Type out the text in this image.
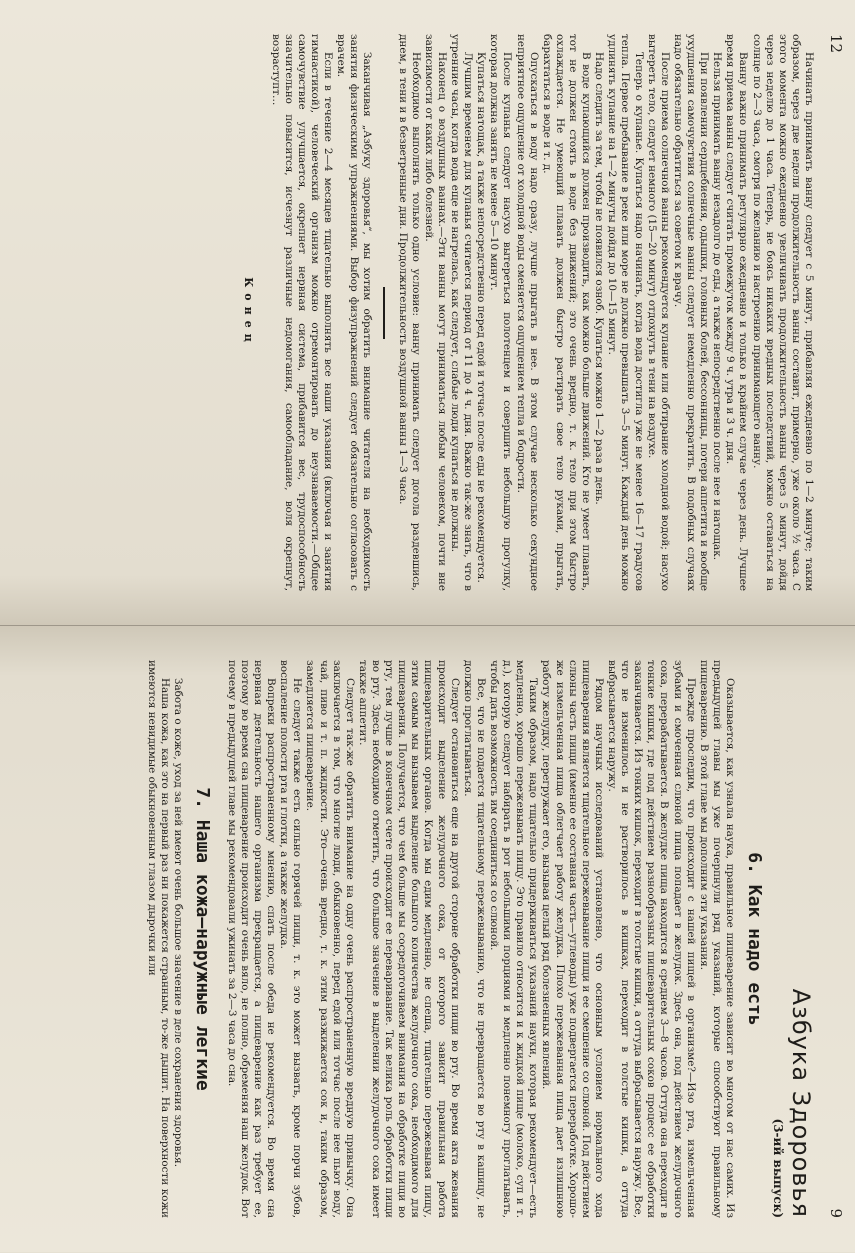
12

Начинать принимать ванну следует с 5 минут, прибавляя ежедневно по 1—2 минуте; таким образом, через две недели продолжительность ванны составит, примерно, уже около ½ часа. С этого момента можно ежедневно увеличивать продолжительность ванны через 5 минут, дойдя через неделю до 1 часа. Теперь, не боясь никаких вредных последствий, можно оставаться на солнце по 2—3 часа, смотря по желанию и настроению принимающего ванну.

Ванну важно принимать регулярно ежедневно и только в крайнем случае через день. Лучшее время приема ванны следует считать промежуток между 9 ч. утра и 3 ч. дня.

Нельзя принимать ванну незадолго до еды, а также непосредственно после нее и натощак.

При появлении сердцебиения, одышки, головных болей, бессонницы, потери аппетита и вообще ухудшения самочувствия солнечные ванны следует немедленно прекратить. В подобных случаях надо обязательно обратиться за советом к врачу.

После приема солнечной ванны рекомендуется купание или обтирание холодной водой; насухо вытереть тело, следует немного (15—20 минут) отдохнуть в тени на воздухе.

Теперь о купанье. Купаться надо начинать, когда вода достигла уже не менее 16—17 градусов тепла. Первое пребывание в реке или море не должно превышать 3—5 минут. Каждый день можно удлинять купание на 1—2 минуты дойдя до 10—15 минут.

Надо следить за тем, чтобы не появился озноб. Купаться можно 1—2 раза в день.

В воде купающийся должен производить, как можно больше движений. Кто не умеет плавать, тот не должен стоять в воде без движений; это очень вредно, т. к. тело при этом быстро охлаждается. Не умеющий плавать должен быстро растирать свое тело руками, прыгать, барахтаться в воде и т. д.

Опускаться в воду надо сразу, лучше прыгать в нее. В этом случае несколько секундное неприятное ощущение от холодной воды сменяется ощущением тепла и бодрости.

После купанья следует насухо вытереться полотенцем и совершить небольшую прогулку, которая должна занять не менее 5—10 минут.

Купаться натощак, а также непосредственно перед едой и тотчас после еды не рекомендуется.

Лучшим временем для купанья считается период от 11 до 4 ч. дня. Важно так-же знать, что в утренние часы, когда вода еще не нагрелась, как следует, слабые люди купаться не должны.

Наконец о воздушных ваннах.—Эти ванны могут приниматься любым человеком, почти вне зависимости от каких либо болезней.

Необходимо выполнять только одно условие: ванну принимать следует догола раздевшись, днем, в тени и в безветренные дни. Продолжительность воздушной ванны 1—3 часа.

Заканчивая „Азбуку здоровья“, мы хотим обратить внимание читателя на необходимость занятия физическими упражнениями. Выбор физупражнений следует обязательно согласовать с врачем.

Если в течение 2—4 месяцев тщательно выполнять все наши указания (включая и занятия гимнастикой), человеческий организм можно отремонтировать до неузнаваемости.—Общее самочувствие улучшается, окрепнет нервная система, прибавится вес, трудоспособность значительно повысится, исчезнут различные недомогания, самообладание, воля окрепнут, возраступт…

Конец
9
Азбука Здоровья
(3-ий выпуск)
6. Как надо есть

Оказывается, как узнала наука, правильное пищеварение зависит во многом от нас самих. Из предыдущей главы мы уже почерпнули ряд указаний, которые способствуют правильному пищеварению. В этой главе мы дополним эти указания.

Прежде проследим, что происходит с нашей пищей в организме?—Изо рта, измельченная зубами и смоченная слюной пища попадает в желудок. Здесь она, под действием желудочного сока, перерабатывается. В желудке пища находится в среднем 3—8 часов. Оттуда она переходит в тонкие кишки, где под действием разнообразных пищеварительных соков процесс ее обработки заканчивается. Из тонких кишок, переходит в толстые кишки, а оттуда выбрасывается наружу. Все, что не изменилось и не растворилось в кишках, переходит в толстые кишки, а оттуда выбрасывается наружу.

Рядом научных исследований установлено, что основным условием нормального хода пищеварения является тщательное пережевывание пищи и ее смешение со слюной. Под действием слюны часть пищи (именно ее составная часть—углеводы) уже подвергается переработке. Хорошо-же измельченная пища облегчает работу желудка. Плохо пережеванная пища дает излишнюю работу желудку, перегружает его, вызывая целый ряд болезненных явлений.

Таким образом, надо тщательно придерживаться указаний науки, которая рекомендует—есть медленно, хорошо пережевывать пищу. Это правило относится и к жидкой пище (молоко, суп и т. д.), которую следует набирать в рот небольшими порциями и медленно понемногу проглатывать, чтобы дать возможность им соединиться со слюной.

Все, что не подается тщательному пережевыванию, что не превращается во рту в кашицу, не должно проглатываться.

Следует остановиться еще на другой стороне обработки пищи во рту. Во время акта жевания происходит выделение желудочного сока, от которого зависит правильная работа пищеварительных органов. Когда мы едим медленно, не спеша, тщательно пережевывая пищу, этим самым мы вызываем выделение большого количества желудочного сока, необходимого для пищеварения. Получается, что чем больше мы сосредоточиваем внимания на обработке пищи во рту, тем лучше в конечном счете происходит ее переваривание. Так велика роль обработки пищи во рту. Здесь необходимо отметить, что большое значение в выделении желудочного сока имеет также аппетит.

Следует так-же обратить внимание на одну очень распространенную вредную привычку. Она заключается в том, что многие люди, обыкновенно, перед едой или тотчас после нее пьют воду, чай, пиво и т. п. жидкости. Это—очень вредно, т. к. этим разжижается сок и, таким образом, замедляется пищеварение.

Не следует также есть сильно горячей пищи, т. к. это может вызвать, кроме порчи зубов, воспаление полости рта и глотки, а также желудка.

Вопреки распространенному мнению, спать после обеда не рекомендуется. Во время сна нервная деятельность нашего организма прекращается, а пищеварение как раз требует ее, поэтому во время сна пищеварение происходит очень вяло, не полно, обременяя наш желудок. Вот почему в предыдущей главе мы рекомендовали ужинать за 2—3 часа до сна.

7. Наша кожа—наружные легкие

Забота о коже, уход за ней имеют очень большое значение в деле сохранения здоровья.

Наша кожа, как это на первый раз ни покажется странным, то-же дышит. На поверхности кожи имеются невидимые обыкновенным глазом дырочки или
